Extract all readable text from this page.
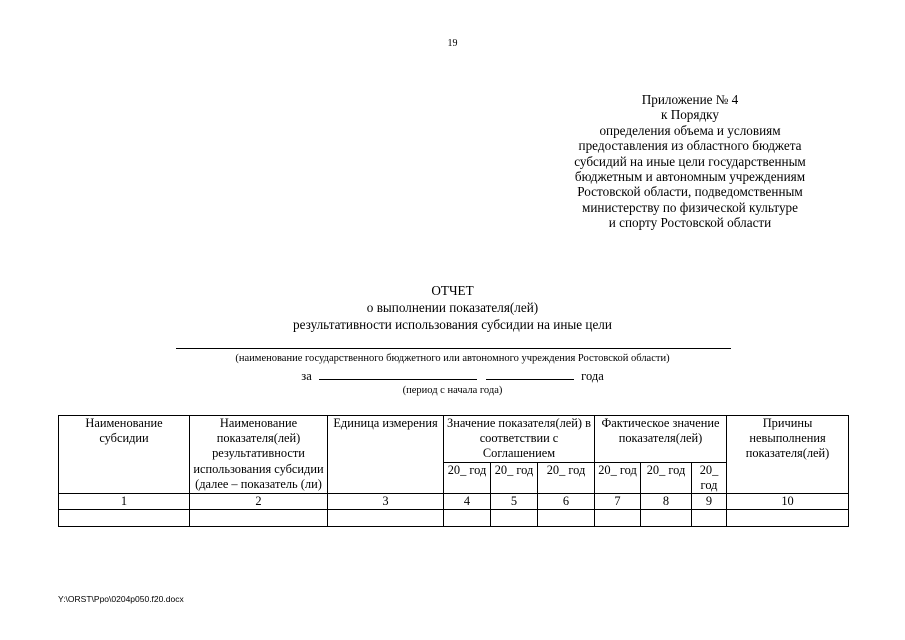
19
Приложение № 4
к Порядку
определения объема и условиям
предоставления из областного бюджета
субсидий на иные цели государственным
бюджетным и автономным учреждениям
Ростовской области, подведомственным
министерству по физической культуре
и спорту Ростовской области
ОТЧЕТ
о выполнении показателя(лей)
результативности использования субсидии на иные цели
(наименование государственного бюджетного или автономного учреждения Ростовской области)
за	года
(период с начала года)
Наименование субсидии	Наименование показателя(лей) результативности использования субсидии (далее – показатель (ли)	Единица измерения	Значение показателя(лей) в соответствии с Соглашением			Фактическое значение показателя(лей)			Причины невыполнения показателя(лей)
			20_ год	20_ год	20_ год	20_ год	20_ год	20_ год	
1	2	3	4	5	6	7	8	9	10

Y:\ORST\Ppo\0204p050.f20.docx
